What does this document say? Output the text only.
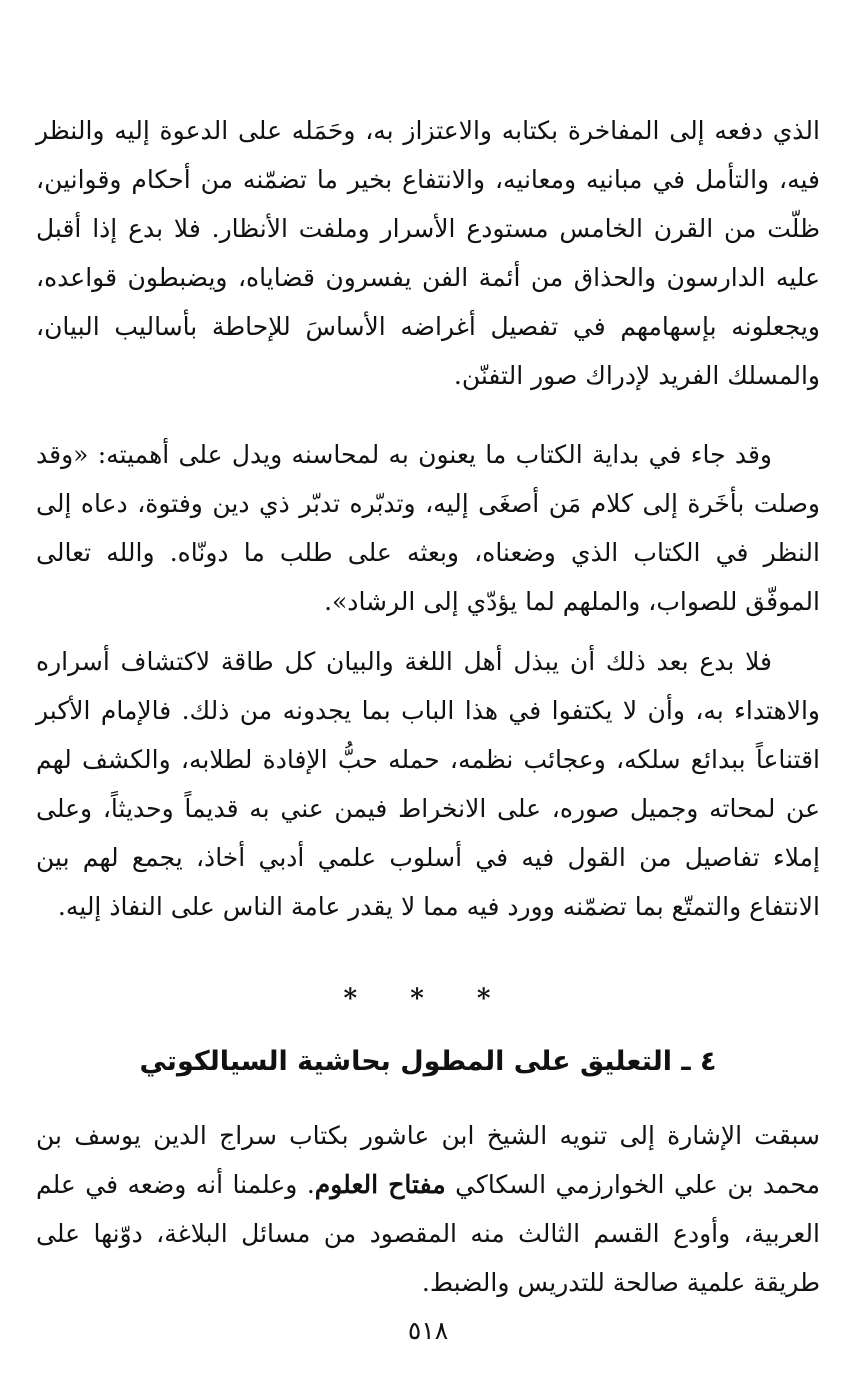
الذي دفعه إلى المفاخرة بكتابه والاعتزاز به، وحَمَله على الدعوة إليه والنظر فيه، والتأمل في مبانيه ومعانيه، والانتفاع بخير ما تضمّنه من أحكام وقوانين، ظلّت من القرن الخامس مستودع الأسرار وملفت الأنظار. فلا بدع إذا أقبل عليه الدارسون والحذاق من أئمة الفن يفسرون قضاياه، ويضبطون قواعده، ويجعلونه بإسهامهم في تفصيل أغراضه الأساسَ للإحاطة بأساليب البيان، والمسلك الفريد لإدراك صور التفنّن.

وقد جاء في بداية الكتاب ما يعنون به لمحاسنه ويدل على أهميته: «وقد وصلت بأخَرة إلى كلام مَن أصغَى إليه، وتدبّره تدبّر ذي دين وفتوة، دعاه إلى النظر في الكتاب الذي وضعناه، وبعثه على طلب ما دونّاه. والله تعالى الموفّق للصواب، والملهم لما يؤدّي إلى الرشاد».

فلا بدع بعد ذلك أن يبذل أهل اللغة والبيان كل طاقة لاكتشاف أسراره والاهتداء به، وأن لا يكتفوا في هذا الباب بما يجدونه من ذلك. فالإمام الأكبر اقتناعاً ببدائع سلكه، وعجائب نظمه، حمله حبُّ الإفادة لطلابه، والكشف لهم عن لمحاته وجميل صوره، على الانخراط فيمن عني به قديماً وحديثاً، وعلى إملاء تفاصيل من القول فيه في أسلوب علمي أدبي أخاذ، يجمع لهم بين الانتفاع والتمتّع بما تضمّنه وورد فيه مما لا يقدر عامة الناس على النفاذ إليه.

* * *
٤ ـ التعليق على المطول بحاشية السيالكوتي

سبقت الإشارة إلى تنويه الشيخ ابن عاشور بكتاب سراج الدين يوسف بن محمد بن علي الخوارزمي السكاكي مفتاح العلوم. وعلمنا أنه وضعه في علم العربية، وأودع القسم الثالث منه المقصود من مسائل البلاغة، دوّنها على طريقة علمية صالحة للتدريس والضبط.

٥١٨
